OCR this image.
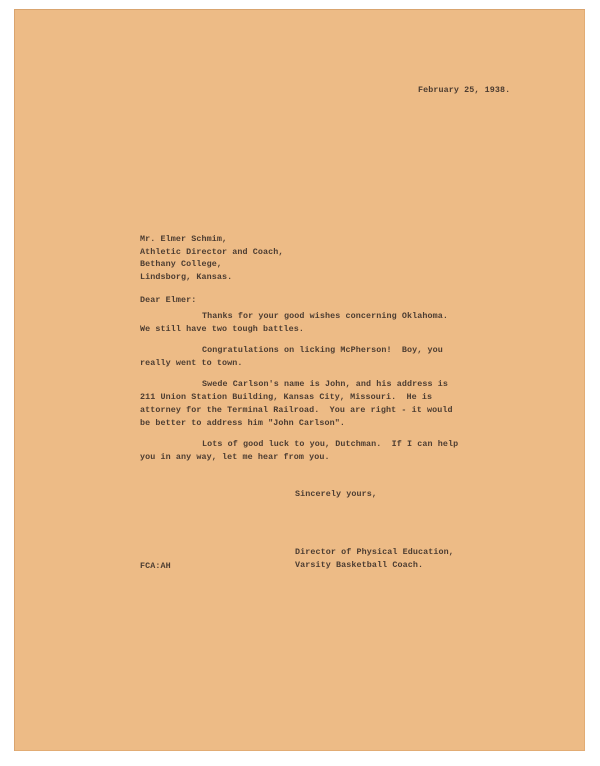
February 25, 1938.
Mr. Elmer Schmim,
Athletic Director and Coach,
Bethany College,
Lindsborg, Kansas.
Dear Elmer:
Thanks for your good wishes concerning Oklahoma.
We still have two tough battles.
Congratulations on licking McPherson!  Boy, you
really went to town.
Swede Carlson's name is John, and his address is
211 Union Station Building, Kansas City, Missouri.  He is
attorney for the Terminal Railroad.  You are right - it would
be better to address him "John Carlson".
Lots of good luck to you, Dutchman.  If I can help
you in any way, let me hear from you.
Sincerely yours,
FCA:AH
Director of Physical Education,
Varsity Basketball Coach.
